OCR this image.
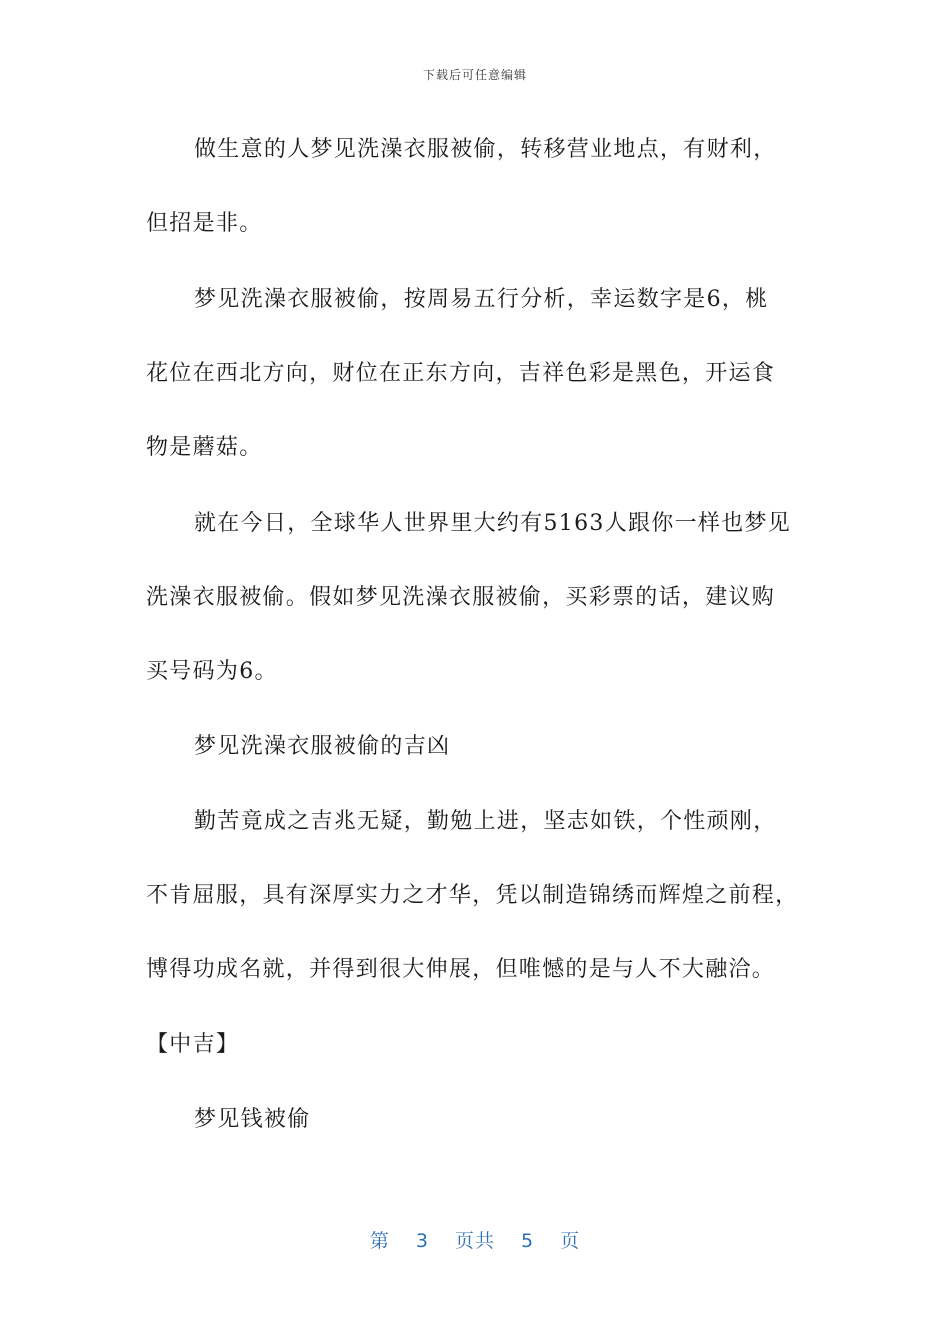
下载后可任意编辑
做生意的人梦见洗澡衣服被偷，转移营业地点，有财利，
但招是非。
梦见洗澡衣服被偷，按周易五行分析，幸运数字是6，桃
花位在西北方向，财位在正东方向，吉祥色彩是黑色，开运食
物是蘑菇。
就在今日，全球华人世界里大约有5163人跟你一样也梦见
洗澡衣服被偷。假如梦见洗澡衣服被偷，买彩票的话，建议购
买号码为6。
梦见洗澡衣服被偷的吉凶
勤苦竟成之吉兆无疑，勤勉上进，坚志如铁，个性顽刚，
不肯屈服，具有深厚实力之才华，凭以制造锦绣而辉煌之前程，
博得功成名就，并得到很大伸展，但唯憾的是与人不大融洽。
【中吉】
梦见钱被偷
第 3 页共 5 页
